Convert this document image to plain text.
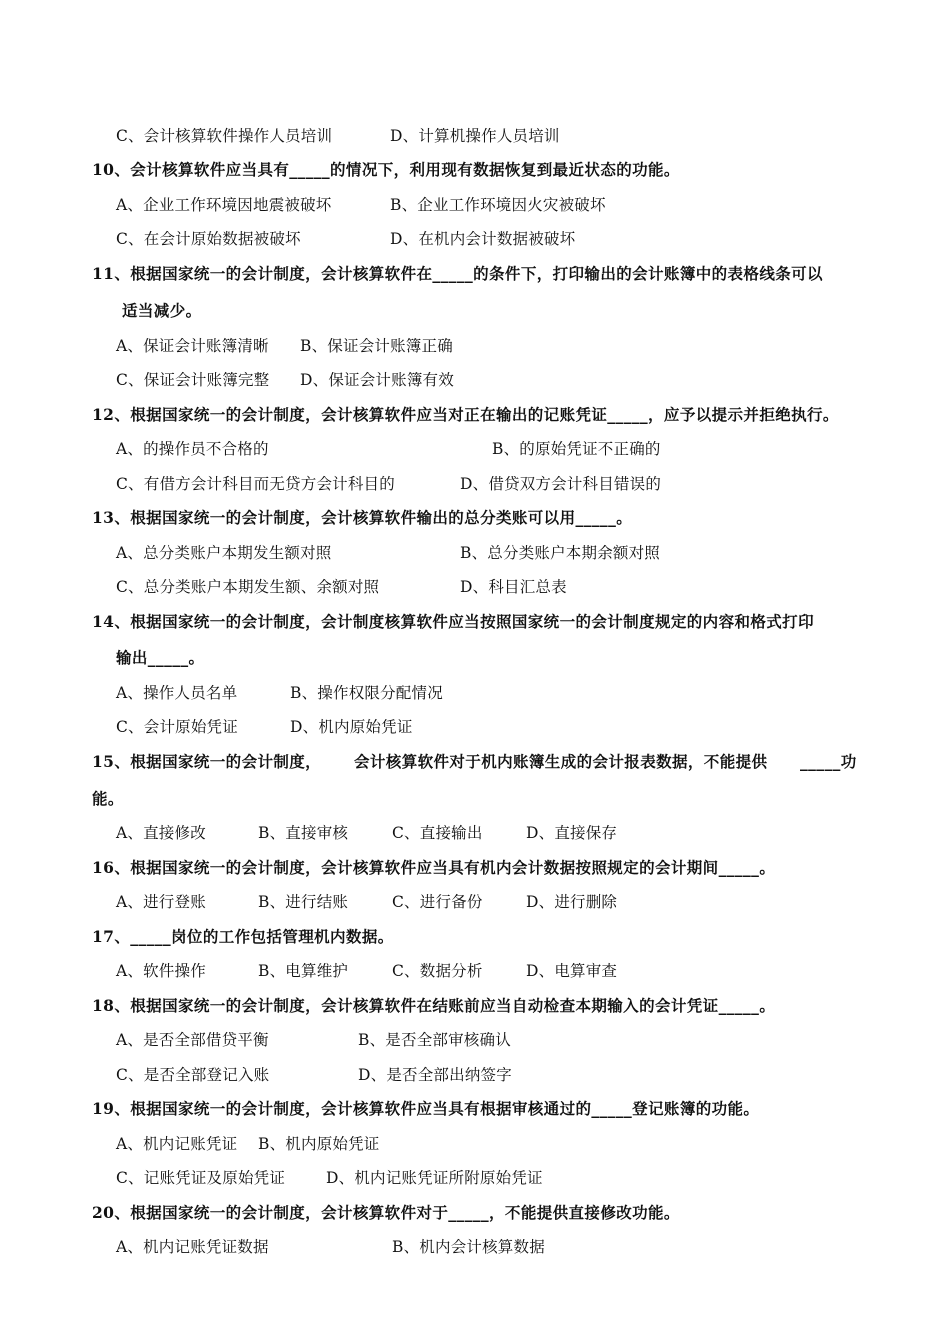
C、会计核算软件操作人员培训	D、计算机操作人员培训
10、会计核算软件应当具有_____的情况下，利用现有数据恢复到最近状态的功能。
A、企业工作环境因地震被破坏	B、企业工作环境因火灾被破坏
C、在会计原始数据被破坏	D、在机内会计数据被破坏
11、根据国家统一的会计制度，会计核算软件在_____的条件下，打印输出的会计账簿中的表格线条可以
适当减少。
A、保证会计账簿清晰 B、保证会计账簿正确
C、保证会计账簿完整 D、保证会计账簿有效
12、根据国家统一的会计制度，会计核算软件应当对正在输出的记账凭证_____，应予以提示并拒绝执行。
A、的操作员不合格的	B、的原始凭证不正确的
C、有借方会计科目而无贷方会计科目的	D、借贷双方会计科目错误的
13、根据国家统一的会计制度，会计核算软件输出的总分类账可以用_____。
A、总分类账户本期发生额对照	B、总分类账户本期余额对照
C、总分类账户本期发生额、余额对照	D、科目汇总表
14、根据国家统一的会计制度，会计制度核算软件应当按照国家统一的会计制度规定的内容和格式打印
输出_____。
A、操作人员名单	B、操作权限分配情况
C、会计原始凭证	D、机内原始凭证
15、根据国家统一的会计制度， 会计核算软件对于机内账簿生成的会计报表数据，不能提供 _____功
能。
A、直接修改	B、直接审核	C、直接输出	D、直接保存
16、根据国家统一的会计制度，会计核算软件应当具有机内会计数据按照规定的会计期间_____。
A、进行登账	B、进行结账	C、进行备份	D、进行删除
17、_____岗位的工作包括管理机内数据。
A、软件操作	B、电算维护	C、数据分析	D、电算审查
18、根据国家统一的会计制度，会计核算软件在结账前应当自动检查本期输入的会计凭证_____。
A、是否全部借贷平衡	B、是否全部审核确认
C、是否全部登记入账	D、是否全部出纳签字
19、根据国家统一的会计制度，会计核算软件应当具有根据审核通过的_____登记账簿的功能。
A、机内记账凭证 B、机内原始凭证
C、记账凭证及原始凭证	D、机内记账凭证所附原始凭证
20、根据国家统一的会计制度，会计核算软件对于_____，不能提供直接修改功能。
A、机内记账凭证数据	B、机内会计核算数据
